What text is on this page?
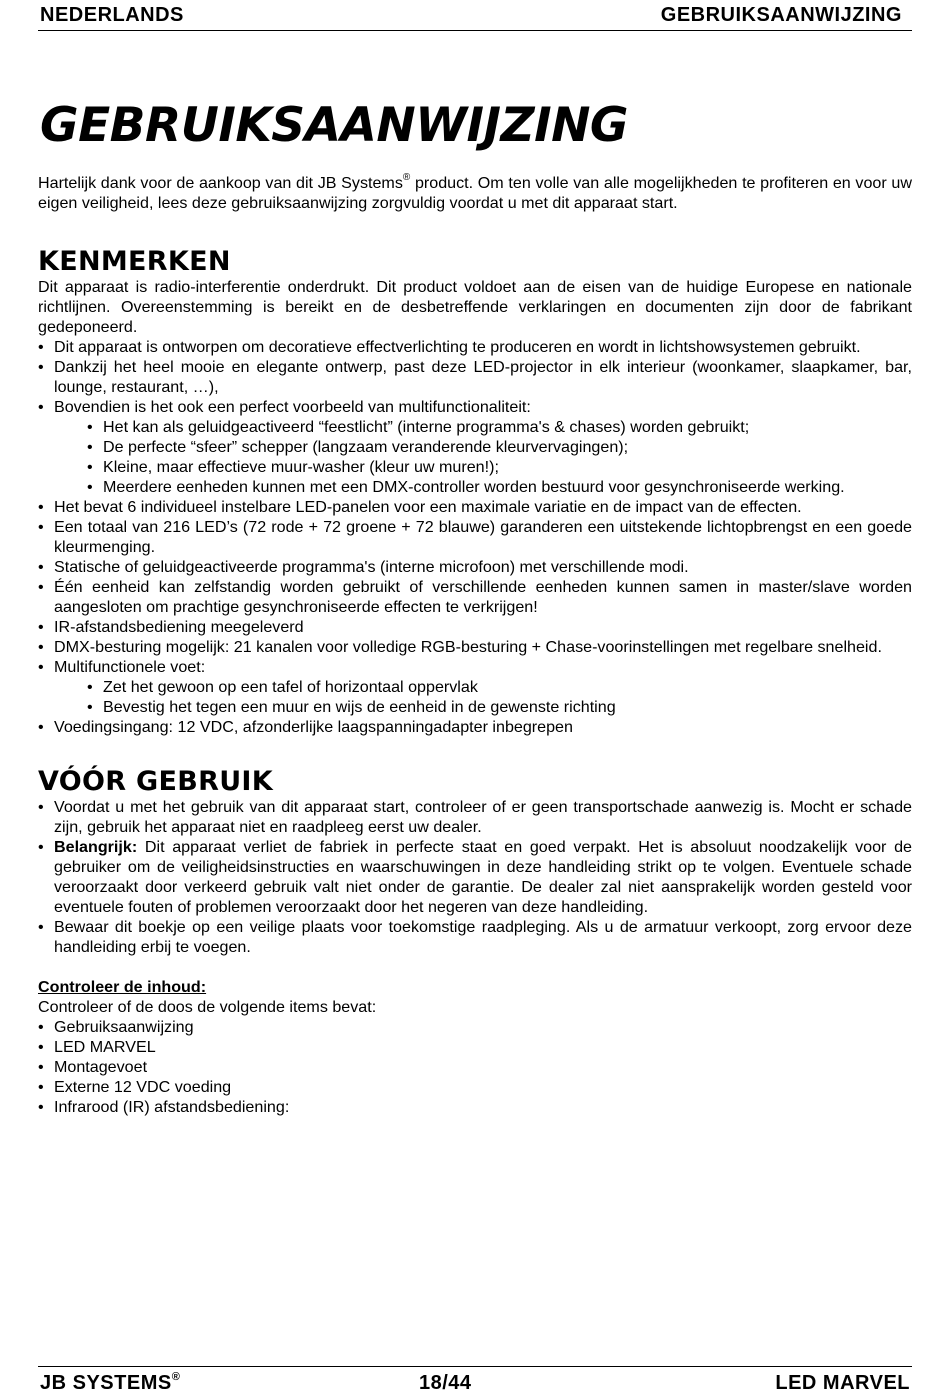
NEDERLANDS	GEBRUIKSAANWIJZING
GEBRUIKSAANWIJZING

Hartelijk dank voor de aankoop van dit JB Systems® product. Om ten volle van alle mogelijkheden te profiteren en voor uw eigen veiligheid, lees deze gebruiksaanwijzing zorgvuldig voordat u met dit apparaat start.

KENMERKEN

Dit apparaat is radio-interferentie onderdrukt. Dit product voldoet aan de eisen van de huidige Europese en nationale richtlijnen. Overeenstemming is bereikt en de desbetreffende verklaringen en documenten zijn door de fabrikant gedeponeerd.

• Dit apparaat is ontworpen om decoratieve effectverlichting te produceren en wordt in lichtshowsystemen gebruikt.
• Dankzij het heel mooie en elegante ontwerp, past deze LED-projector in elk interieur (woonkamer, slaapkamer, bar, lounge, restaurant, …),
• Bovendien is het ook een perfect voorbeeld van multifunctionaliteit:
• Het kan als geluidgeactiveerd “feestlicht” (interne programma's & chases) worden gebruikt;
• De perfecte “sfeer” schepper (langzaam veranderende kleurvervagingen);
• Kleine, maar effectieve muur-washer (kleur uw muren!);
• Meerdere eenheden kunnen met een DMX-controller worden bestuurd voor gesynchroniseerde werking.
• Het bevat 6 individueel instelbare LED-panelen voor een maximale variatie en de impact van de effecten.
• Een totaal van 216 LED’s (72 rode + 72 groene + 72 blauwe) garanderen een uitstekende lichtopbrengst en een goede kleurmenging.
• Statische of geluidgeactiveerde programma's (interne microfoon) met verschillende modi.
• Één eenheid kan zelfstandig worden gebruikt of verschillende eenheden kunnen samen in master/slave worden aangesloten om prachtige gesynchroniseerde effecten te verkrijgen!
• IR-afstandsbediening meegeleverd
• DMX-besturing mogelijk: 21 kanalen voor volledige RGB-besturing + Chase-voorinstellingen met regelbare snelheid.
• Multifunctionele voet:
• Zet het gewoon op een tafel of horizontaal oppervlak
• Bevestig het tegen een muur en wijs de eenheid in de gewenste richting
• Voedingsingang: 12 VDC, afzonderlijke laagspanningadapter inbegrepen
VÓÓR GEBRUIK
• Voordat u met het gebruik van dit apparaat start, controleer of er geen transportschade aanwezig is. Mocht er schade zijn, gebruik het apparaat niet en raadpleeg eerst uw dealer.
• Belangrijk: Dit apparaat verliet de fabriek in perfecte staat en goed verpakt. Het is absoluut noodzakelijk voor de gebruiker om de veiligheidsinstructies en waarschuwingen in deze handleiding strikt op te volgen. Eventuele schade veroorzaakt door verkeerd gebruik valt niet onder de garantie. De dealer zal niet aansprakelijk worden gesteld voor eventuele fouten of problemen veroorzaakt door het negeren van deze handleiding.
• Bewaar dit boekje op een veilige plaats voor toekomstige raadpleging. Als u de armatuur verkoopt, zorg ervoor deze handleiding erbij te voegen.

Controleer de inhoud:

Controleer of de doos de volgende items bevat:

• Gebruiksaanwijzing
• LED MARVEL
• Montagevoet
• Externe 12 VDC voeding
• Infrarood (IR) afstandsbediening:
JB SYSTEMS®	18/44	LED MARVEL
